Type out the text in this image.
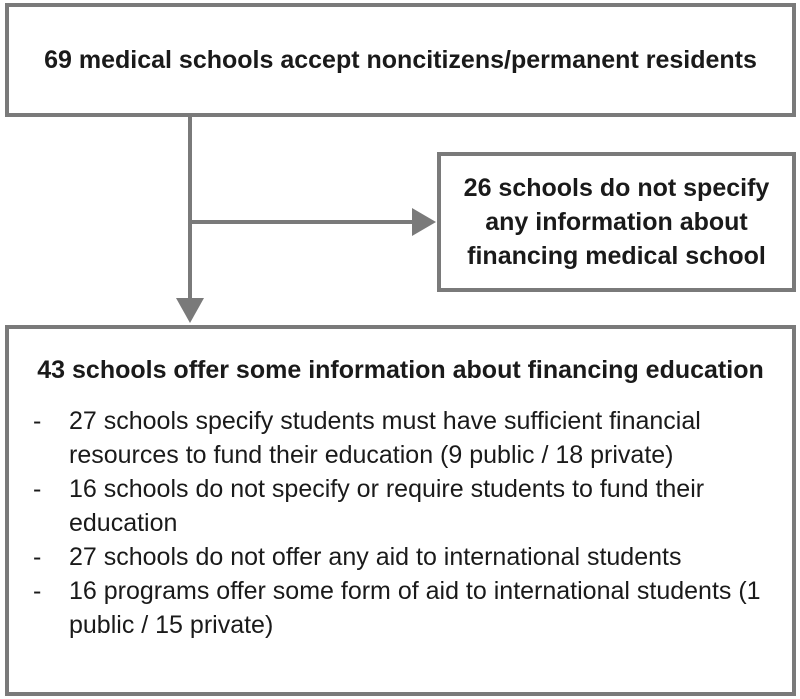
69 medical schools accept noncitizens/permanent residents
26 schools do not specify any information about financing medical school
43 schools offer some information about financing education
- 27 schools specify students must have sufficient financial resources to fund their education (9 public / 18 private)
- 16 schools do not specify or require students to fund their education
- 27 schools do not offer any aid to international students
- 16 programs offer some form of aid to international students (1 public / 15 private)
